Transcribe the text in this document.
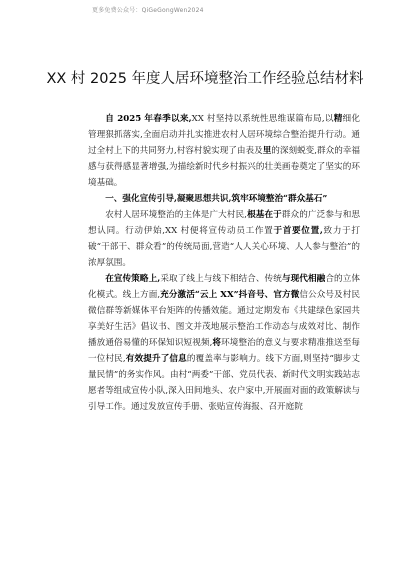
更多免费公众号：QiGeGongWen2024
XX 村 2025 年度人居环境整治工作经验总结材料

自 2025 年春季以来,XX 村坚持以系统性思维谋篇布局,以精细化管理狠抓落实,全面启动并扎实推进农村人居环境综合整治提升行动。通过全村上下的共同努力,村容村貌实现了由表及里的深刻蜕变,群众的幸福感与获得感显著增强,为描绘新时代乡村振兴的壮美画卷奠定了坚实的环境基础。

一、强化宣传引导,凝聚思想共识,筑牢环境整治“群众基石”

农村人居环境整治的主体是广大村民,根基在于群众的广泛参与和思想认同。行动伊始,XX 村便将宣传动员工作置于首要位置,致力于打破“干部干、群众看”的传统局面,营造“人人关心环境、人人参与整治”的浓厚氛围。

在宣传策略上,采取了线上与线下相结合、传统与现代相融合的立体化模式。线上方面,充分激活“云上 XX”抖音号、官方微信公众号及村民微信群等新媒体平台矩阵的传播效能。通过定期发布《共建绿色家园共享美好生活》倡议书、图文并茂地展示整治工作动态与成效对比、制作播放通俗易懂的环保知识短视频,将环境整治的意义与要求精准推送至每一位村民,有效提升了信息的覆盖率与影响力。线下方面,则坚持“脚步丈量民情”的务实作风。由村“两委”干部、党员代表、新时代文明实践站志愿者等组成宣传小队,深入田间地头、农户家中,开展面对面的政策解读与引导工作。通过发放宣传手册、张贴宣传海报、召开庭院
